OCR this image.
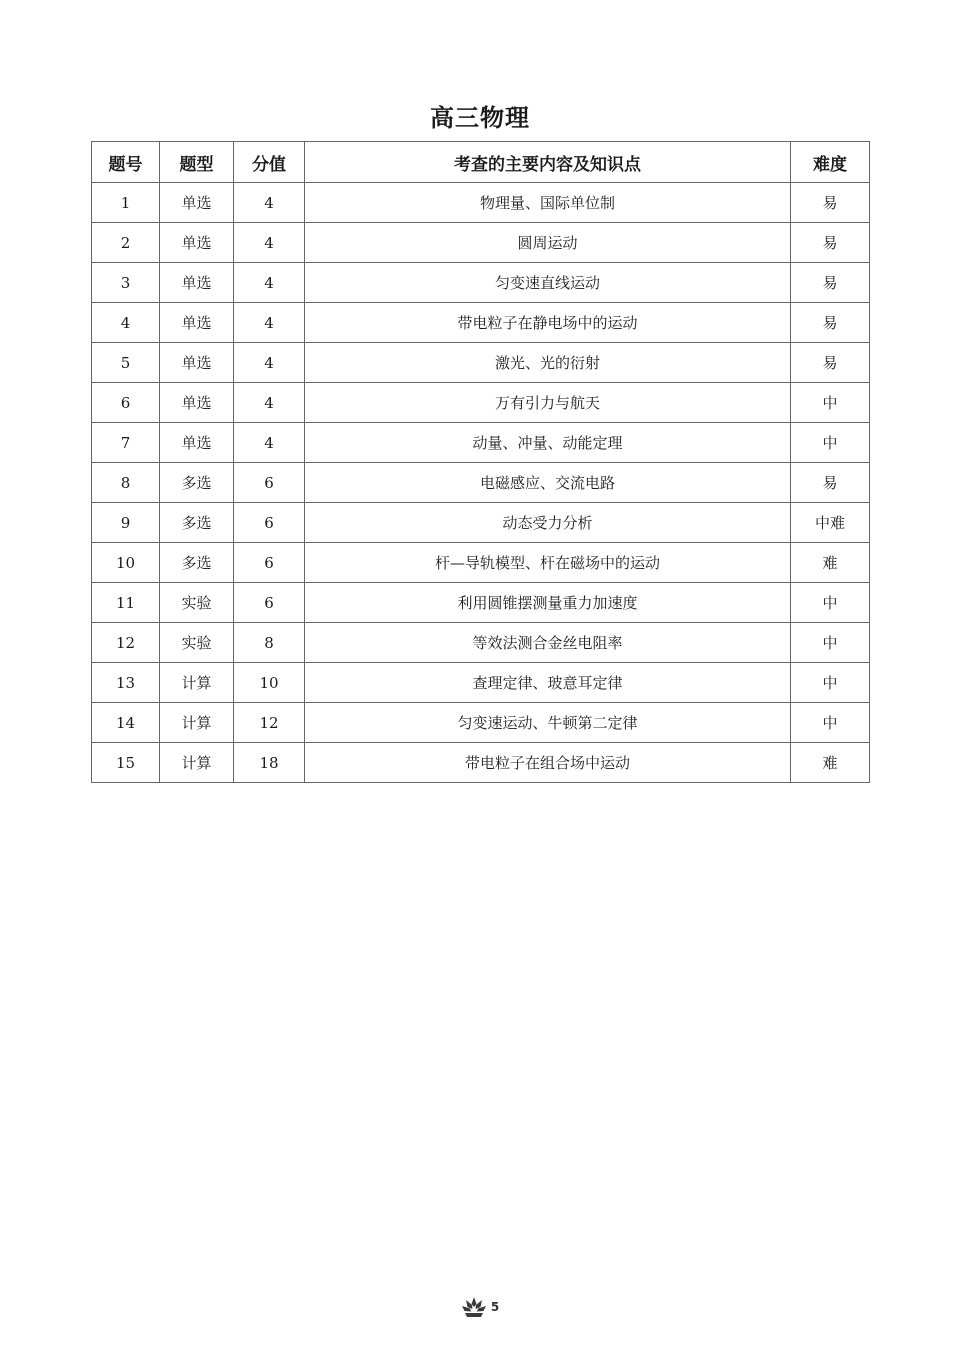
高三物理
题号	题型	分值	考查的主要内容及知识点	难度
1	单选	4	物理量、国际单位制	易
2	单选	4	圆周运动	易
3	单选	4	匀变速直线运动	易
4	单选	4	带电粒子在静电场中的运动	易
5	单选	4	激光、光的衍射	易
6	单选	4	万有引力与航天	中
7	单选	4	动量、冲量、动能定理	中
8	多选	6	电磁感应、交流电路	易
9	多选	6	动态受力分析	中难
10	多选	6	杆—导轨模型、杆在磁场中的运动	难
11	实验	6	利用圆锥摆测量重力加速度	中
12	实验	8	等效法测合金丝电阻率	中
13	计算	10	查理定律、玻意耳定律	中
14	计算	12	匀变速运动、牛顿第二定律	中
15	计算	18	带电粒子在组合场中运动	难
5
